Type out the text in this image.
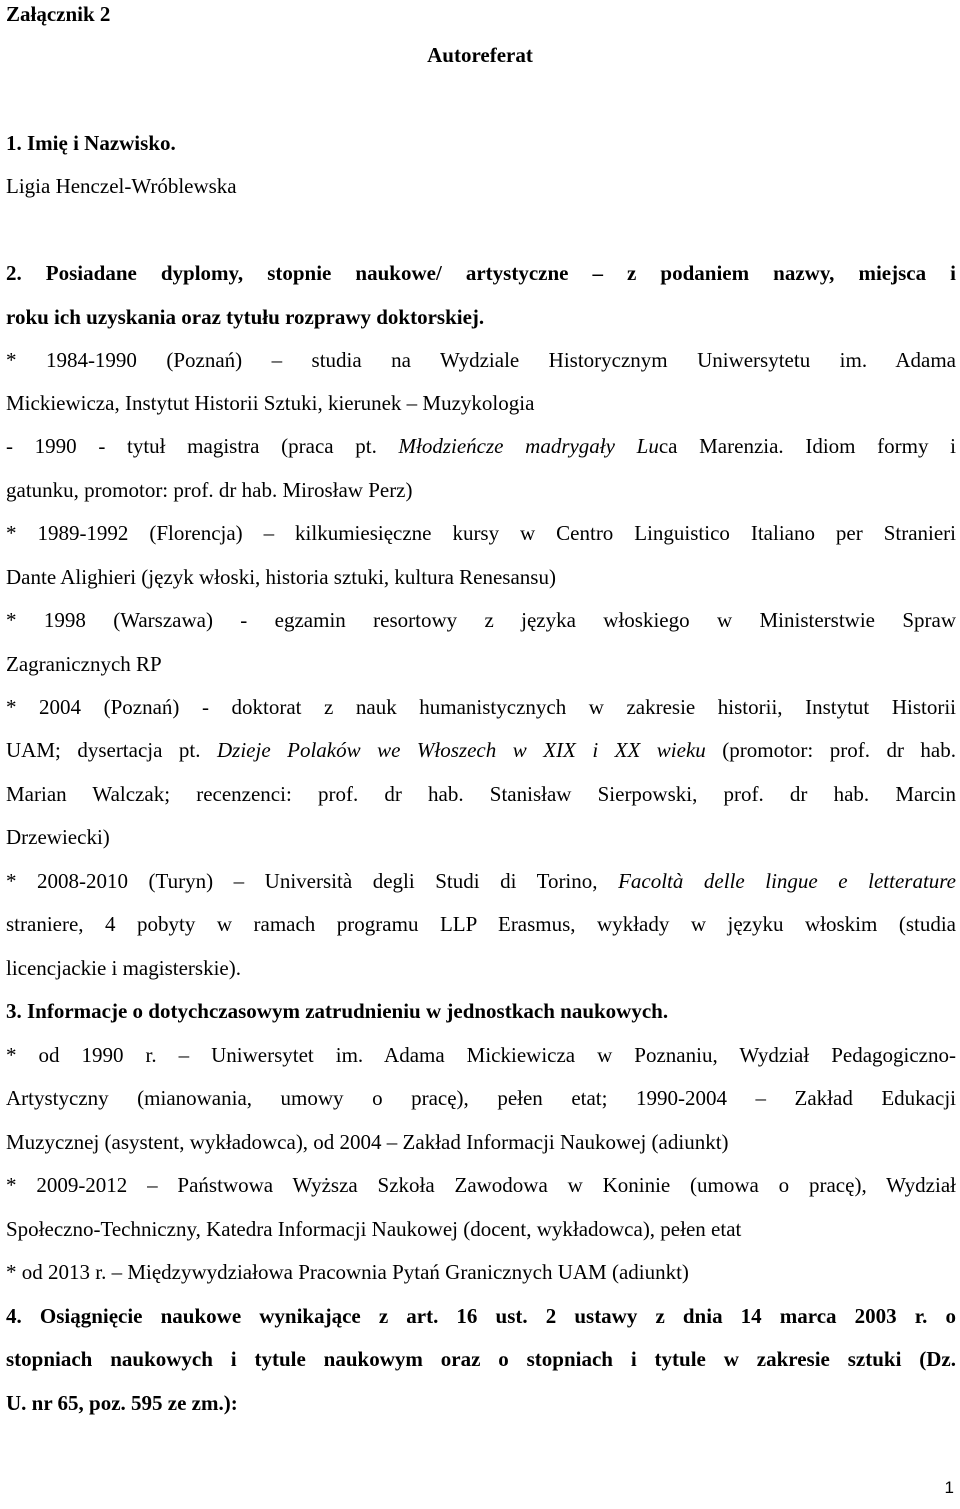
Załącznik 2
Autoreferat
1. Imię i Nazwisko.
Ligia Henczel-Wróblewska
2. Posiadane dyplomy, stopnie naukowe/ artystyczne – z podaniem nazwy, miejsca i
roku ich uzyskania oraz tytułu rozprawy doktorskiej.
* 1984-1990 (Poznań) – studia na Wydziale Historycznym Uniwersytetu im. Adama
Mickiewicza, Instytut Historii Sztuki, kierunek – Muzykologia
- 1990 - tytuł magistra (praca pt. Młodzieńcze madrygały Luca Marenzia. Idiom formy i
gatunku, promotor: prof. dr hab. Mirosław Perz)
* 1989-1992 (Florencja) – kilkumiesięczne kursy w Centro Linguistico Italiano per Stranieri
Dante Alighieri (język włoski, historia sztuki, kultura Renesansu)
* 1998 (Warszawa) - egzamin resortowy z języka włoskiego w Ministerstwie Spraw
Zagranicznych RP
* 2004 (Poznań) - doktorat z nauk humanistycznych w zakresie historii, Instytut Historii
UAM; dysertacja pt. Dzieje Polaków we Włoszech w XIX i XX wieku (promotor: prof. dr hab.
Marian Walczak; recenzenci: prof. dr hab. Stanisław Sierpowski, prof. dr hab. Marcin
Drzewiecki)
* 2008-2010 (Turyn) – Università degli Studi di Torino, Facoltà delle lingue e letterature
straniere, 4 pobyty w ramach programu LLP Erasmus, wykłady w języku włoskim (studia
licencjackie i magisterskie).
3. Informacje o dotychczasowym zatrudnieniu w jednostkach naukowych.
* od 1990 r. – Uniwersytet im. Adama Mickiewicza w Poznaniu, Wydział Pedagogiczno-
Artystyczny (mianowania, umowy o pracę), pełen etat; 1990-2004 – Zakład Edukacji
Muzycznej (asystent, wykładowca), od 2004 – Zakład Informacji Naukowej (adiunkt)
* 2009-2012 – Państwowa Wyższa Szkoła Zawodowa w Koninie (umowa o pracę), Wydział
Społeczno-Techniczny, Katedra Informacji Naukowej (docent, wykładowca), pełen etat
* od 2013 r. – Międzywydziałowa Pracownia Pytań Granicznych UAM (adiunkt)
4. Osiągnięcie naukowe wynikające z art. 16 ust. 2 ustawy z dnia 14 marca 2003 r. o
stopniach naukowych i tytule naukowym oraz o stopniach i tytule w zakresie sztuki (Dz.
U. nr 65, poz. 595 ze zm.):
1
